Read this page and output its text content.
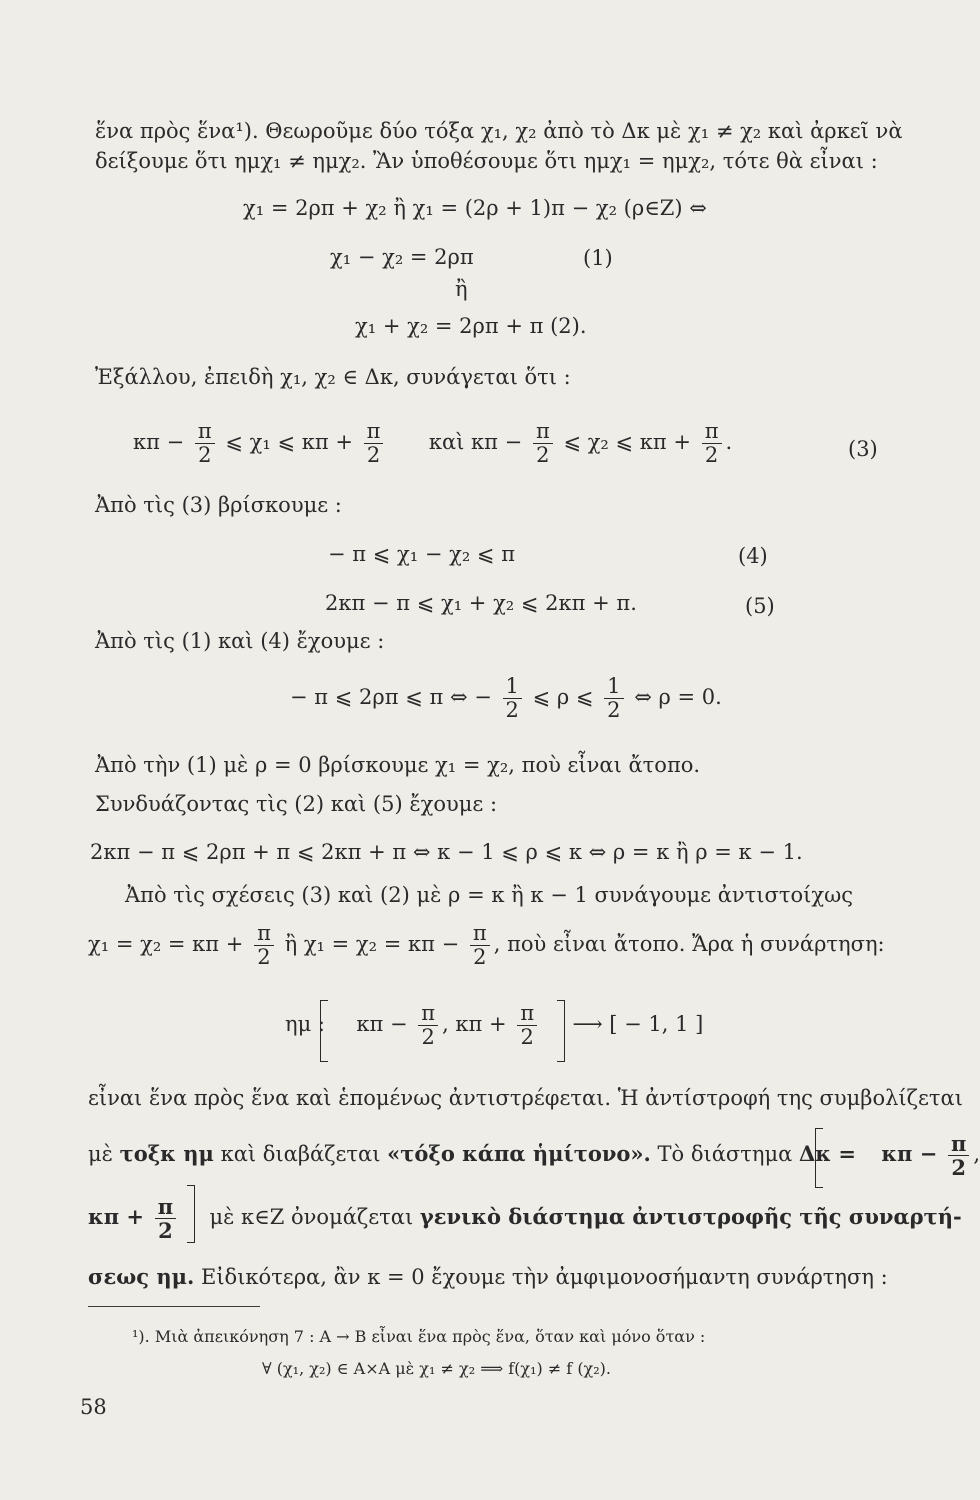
ἕνα πρὸς ἕνα¹). Θεωροῦμε δύο τόξα χ₁, χ₂ ἀπὸ τὸ Δκ μὲ χ₁ ≠ χ₂ καὶ ἀρκεῖ νὰ
δείξουμε ὅτι ημχ₁ ≠ ημχ₂. Ἂν ὑποθέσουμε ὅτι ημχ₁ = ημχ₂, τότε θὰ εἶναι :
χ₁ = 2ρπ + χ₂ ἢ χ₁ = (2ρ + 1)π − χ₂ (ρ∈Z) ⇔
χ₁ − χ₂ = 2ρπ	(1)
ἢ
χ₁ + χ₂ = 2ρπ + π (2).
Ἐξάλλου, ἐπειδὴ χ₁, χ₂ ∈ Δκ, συνάγεται ὅτι :
$\kappa\pi - \frac{\pi}{2}$ ⩽ χ₁ ⩽ $\kappa\pi + \frac{\pi}{2}$ καὶ $\kappa\pi - \frac{\pi}{2}$ ⩽ χ₂ ⩽ $\kappa\pi + \frac{\pi}{2}$ .	(3)
Ἀπὸ τὶς (3) βρίσκουμε :
− π ⩽ χ₁ − χ₂ ⩽ π	(4)
2κπ − π ⩽ χ₁ + χ₂ ⩽ 2κπ + π.	(5)
Ἀπὸ τὶς (1) καὶ (4) ἔχουμε :
− π ⩽ 2ρπ ⩽ π ⇔ − $\frac{1}{2}$ ⩽ ρ ⩽ $\frac{1}{2}$ ⇔ ρ = 0.
Ἀπὸ τὴν (1) μὲ ρ = 0 βρίσκουμε χ₁ = χ₂, ποὺ εἶναι ἄτοπο.
Συνδυάζοντας τὶς (2) καὶ (5) ἔχουμε :
2κπ − π ⩽ 2ρπ + π ⩽ 2κπ + π ⇔ κ − 1 ⩽ ρ ⩽ κ ⇔ ρ = κ ἢ ρ = κ − 1.
Ἀπὸ τὶς σχέσεις (3) καὶ (2) μὲ ρ = κ ἢ κ − 1 συνάγουμε ἀντιστοίχως
$\chi_1 = \chi_2 = \kappa\pi + \frac{\pi}{2}$ ἢ $\chi_1 = \chi_2 = \kappa\pi - \frac{\pi}{2}$ , ποὺ εἶναι ἄτοπο. Ἄρα ἡ συνάρτηση:
ημ : $\kappa\pi - \frac{\pi}{2}$ , $\kappa\pi + \frac{\pi}{2}$ ⟶ [ − 1, 1 ]
εἶναι ἕνα πρὸς ἕνα καὶ ἑπομένως ἀντιστρέφεται. Ἡ ἀντίστροφή της συμβολίζεται
μὲ τοξκ ημ καὶ διαβάζεται «τόξο κάπα ἡμίτονο». Τὸ διάστημα $\Delta\kappa = \kappa\pi - \frac{\pi}{2}$ ,
$\kappa\pi + \frac{\pi}{2}$ μὲ κ∈Z ὀνομάζεται γενικὸ διάστημα ἀντιστροφῆς τῆς συναρτή-
σεως ημ. Εἰδικότερα, ἂν κ = 0 ἔχουμε τὴν ἀμφιμονοσήμαντη συνάρτηση :
¹). Μιὰ ἀπεικόνηση 7 : Α → Β εἶναι ἕνα πρὸς ἕνα, ὅταν καὶ μόνο ὅταν :
∀ (χ₁, χ₂) ∈ Α×Α μὲ χ₁ ≠ χ₂ ⟹ f(χ₁) ≠ f (χ₂).
58
